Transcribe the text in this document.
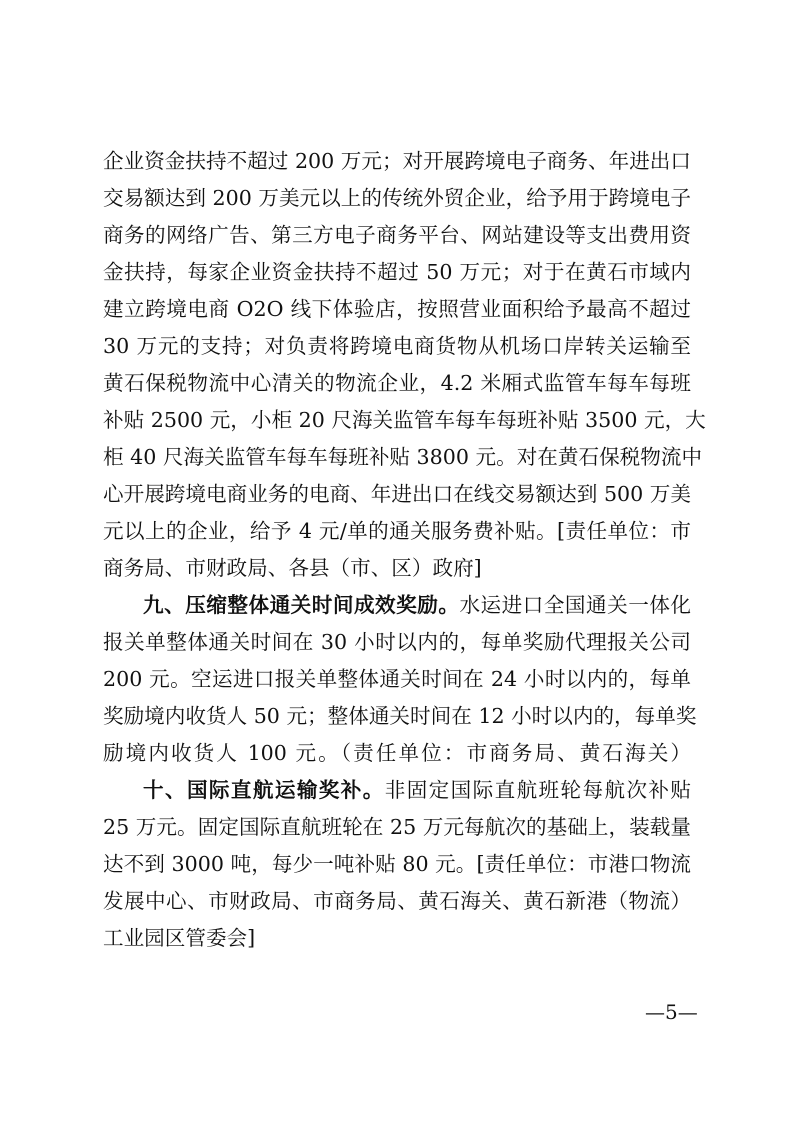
企业资金扶持不超过 200 万元；对开展跨境电子商务、年进出口
交易额达到 200 万美元以上的传统外贸企业，给予用于跨境电子
商务的网络广告、第三方电子商务平台、网站建设等支出费用资
金扶持，每家企业资金扶持不超过 50 万元；对于在黄石市域内
建立跨境电商 O2O 线下体验店，按照营业面积给予最高不超过
30 万元的支持；对负责将跨境电商货物从机场口岸转关运输至
黄石保税物流中心清关的物流企业，4.2 米厢式监管车每车每班
补贴 2500 元，小柜 20 尺海关监管车每车每班补贴 3500 元，大
柜 40 尺海关监管车每车每班补贴 3800 元。对在黄石保税物流中
心开展跨境电商业务的电商、年进出口在线交易额达到 500 万美
元以上的企业，给予 4 元/单的通关服务费补贴。[责任单位：市
商务局、市财政局、各县（市、区）政府]
九、压缩整体通关时间成效奖励。水运进口全国通关一体化
报关单整体通关时间在 30 小时以内的，每单奖励代理报关公司
200 元。空运进口报关单整体通关时间在 24 小时以内的，每单
奖励境内收货人 50 元；整体通关时间在 12 小时以内的，每单奖
励境内收货人 100 元。（责任单位：市商务局、黄石海关）
十、国际直航运输奖补。非固定国际直航班轮每航次补贴
25 万元。固定国际直航班轮在 25 万元每航次的基础上，装载量
达不到 3000 吨，每少一吨补贴 80 元。[责任单位：市港口物流
发展中心、市财政局、市商务局、黄石海关、黄石新港（物流）
工业园区管委会]
—5—
